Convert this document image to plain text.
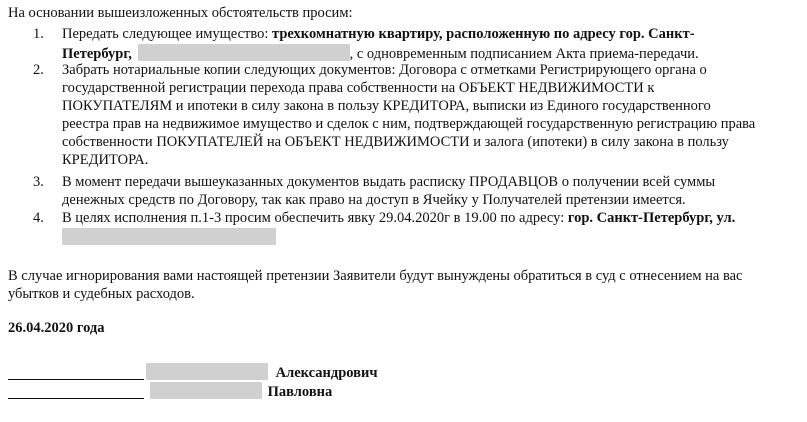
На основании вышеизложенных обстоятельств просим:
1. Передать следующее имущество: трехкомнатную квартиру, расположенную по адресу гор. Санкт-
Петербург,	, с одновременным подписанием Акта приема-передачи.
2. Забрать нотариальные копии следующих документов: Договора с отметками Регистрирующего органа о
государственной регистрации перехода права собственности на ОБЪЕКТ НЕДВИЖИМОСТИ к
ПОКУПАТЕЛЯМ и ипотеки в силу закона в пользу КРЕДИТОРА, выписки из Единого государственного
реестра прав на недвижимое имущество и сделок с ним, подтверждающей государственную регистрацию права
собственности ПОКУПАТЕЛЕЙ на ОБЪЕКТ НЕДВИЖИМОСТИ и залога (ипотеки) в силу закона в пользу
КРЕДИТОРА.
3. В момент передачи вышеуказанных документов выдать расписку ПРОДАВЦОВ о получении всей суммы
денежных средств по Договору, так как право на доступ в Ячейку у Получателей претензии имеется.
4. В целях исполнения п.1-3 просим обеспечить явку 29.04.2020г в 19.00 по адресу: гор. Санкт-Петербург, ул.
В случае игнорирования вами настоящей претензии Заявители будут вынуждены обратиться в суд с отнесением на вас
убытков и судебных расходов.
26.04.2020 года
Александрович
Павловна
